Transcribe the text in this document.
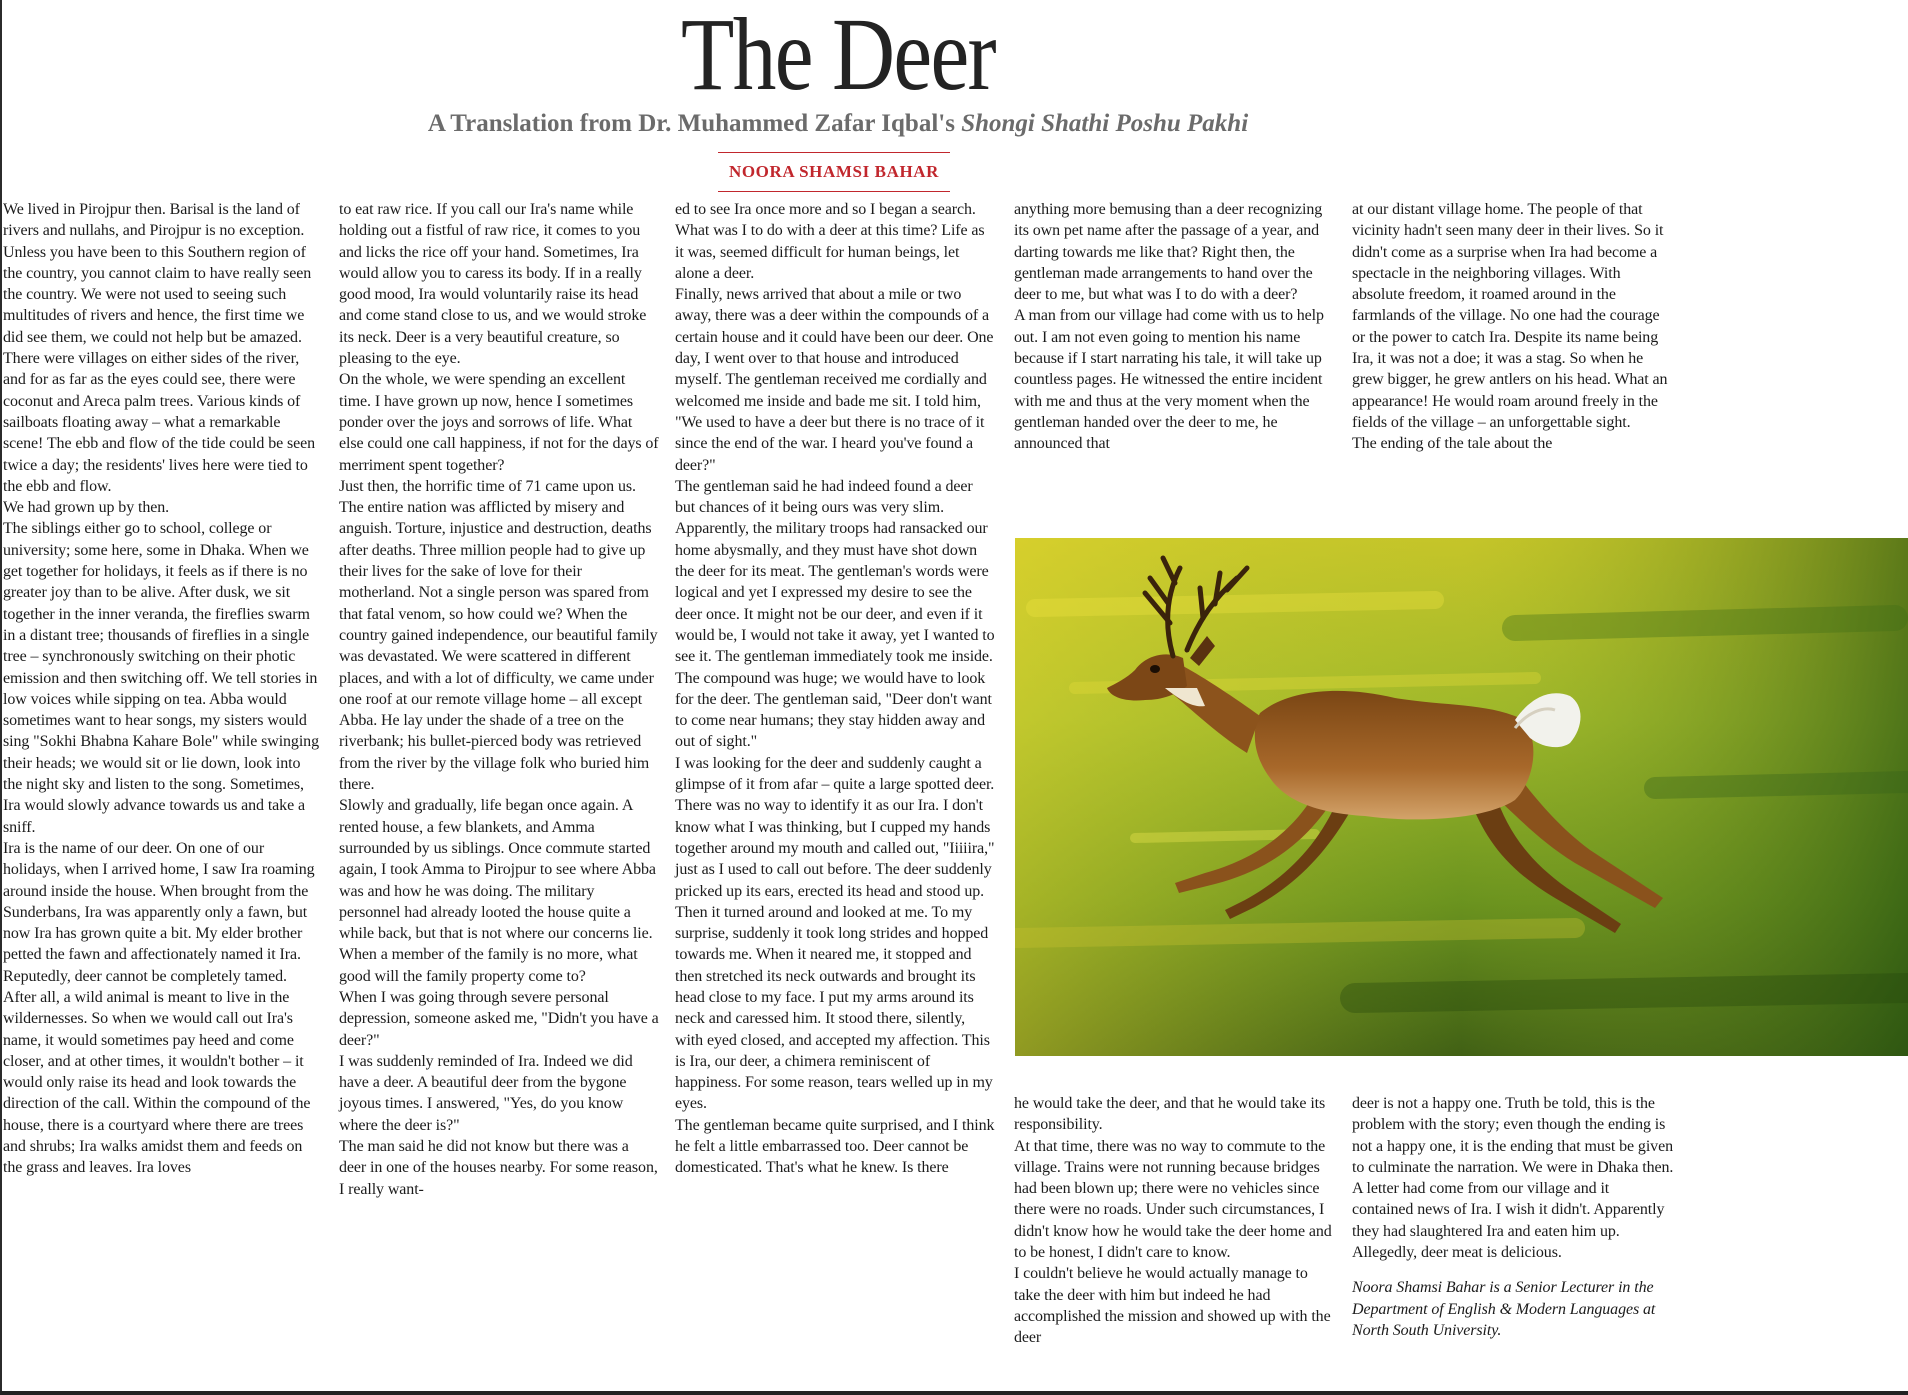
The Deer
A Translation from Dr. Muhammed Zafar Iqbal's Shongi Shathi Poshu Pakhi
NOORA SHAMSI BAHAR

We lived in Pirojpur then. Barisal is the land of rivers and nullahs, and Pirojpur is no exception. Unless you have been to this Southern region of the country, you cannot claim to have really seen the country. We were not used to seeing such multitudes of rivers and hence, the first time we did see them, we could not help but be amazed. There were villages on either sides of the river, and for as far as the eyes could see, there were coconut and Areca palm trees. Various kinds of sailboats floating away – what a remarkable scene! The ebb and flow of the tide could be seen twice a day; the residents' lives here were tied to the ebb and flow.
We had grown up by then.
The siblings either go to school, college or university; some here, some in Dhaka. When we get together for holidays, it feels as if there is no greater joy than to be alive. After dusk, we sit together in the inner veranda, the fireflies swarm in a distant tree; thousands of fireflies in a single tree – synchronously switching on their photic emission and then switching off. We tell stories in low voices while sipping on tea. Abba would sometimes want to hear songs, my sisters would sing "Sokhi Bhabna Kahare Bole" while swinging their heads; we would sit or lie down, look into the night sky and listen to the song. Sometimes, Ira would slowly advance towards us and take a sniff.
Ira is the name of our deer. On one of our holidays, when I arrived home, I saw Ira roaming around inside the house. When brought from the Sunderbans, Ira was apparently only a fawn, but now Ira has grown quite a bit. My elder brother petted the fawn and affectionately named it Ira. Reputedly, deer cannot be completely tamed. After all, a wild animal is meant to live in the wildernesses. So when we would call out Ira's name, it would sometimes pay heed and come closer, and at other times, it wouldn't bother – it would only raise its head and look towards the direction of the call. Within the compound of the house, there is a courtyard where there are trees and shrubs; Ira walks amidst them and feeds on the grass and leaves. Ira loves

to eat raw rice. If you call our Ira's name while holding out a fistful of raw rice, it comes to you and licks the rice off your hand. Sometimes, Ira would allow you to caress its body. If in a really good mood, Ira would voluntarily raise its head and come stand close to us, and we would stroke its neck. Deer is a very beautiful creature, so pleasing to the eye.
On the whole, we were spending an excellent time. I have grown up now, hence I sometimes ponder over the joys and sorrows of life. What else could one call happiness, if not for the days of merriment spent together?
Just then, the horrific time of 71 came upon us. The entire nation was afflicted by misery and anguish. Torture, injustice and destruction, deaths after deaths. Three million people had to give up their lives for the sake of love for their motherland. Not a single person was spared from that fatal venom, so how could we? When the country gained independence, our beautiful family was devastated. We were scattered in different places, and with a lot of difficulty, we came under one roof at our remote village home – all except Abba. He lay under the shade of a tree on the riverbank; his bullet-pierced body was retrieved from the river by the village folk who buried him there.
Slowly and gradually, life began once again. A rented house, a few blankets, and Amma surrounded by us siblings. Once commute started again, I took Amma to Pirojpur to see where Abba was and how he was doing. The military personnel had already looted the house quite a while back, but that is not where our concerns lie. When a member of the family is no more, what good will the family property come to?
When I was going through severe personal depression, someone asked me, "Didn't you have a deer?"
I was suddenly reminded of Ira. Indeed we did have a deer. A beautiful deer from the bygone joyous times. I answered, "Yes, do you know where the deer is?"
The man said he did not know but there was a deer in one of the houses nearby. For some reason, I really want-

ed to see Ira once more and so I began a search. What was I to do with a deer at this time? Life as it was, seemed difficult for human beings, let alone a deer.
Finally, news arrived that about a mile or two away, there was a deer within the compounds of a certain house and it could have been our deer. One day, I went over to that house and introduced myself. The gentleman received me cordially and welcomed me inside and bade me sit. I told him, "We used to have a deer but there is no trace of it since the end of the war. I heard you've found a deer?"
The gentleman said he had indeed found a deer but chances of it being ours was very slim. Apparently, the military troops had ransacked our home abysmally, and they must have shot down the deer for its meat. The gentleman's words were logical and yet I expressed my desire to see the deer once. It might not be our deer, and even if it would be, I would not take it away, yet I wanted to see it. The gentleman immediately took me inside. The compound was huge; we would have to look for the deer. The gentleman said, "Deer don't want to come near humans; they stay hidden away and out of sight."
I was looking for the deer and suddenly caught a glimpse of it from afar – quite a large spotted deer. There was no way to identify it as our Ira. I don't know what I was thinking, but I cupped my hands together around my mouth and called out, "Iiiiira," just as I used to call out before. The deer suddenly pricked up its ears, erected its head and stood up. Then it turned around and looked at me. To my surprise, suddenly it took long strides and hopped towards me. When it neared me, it stopped and then stretched its neck outwards and brought its head close to my face. I put my arms around its neck and caressed him. It stood there, silently, with eyed closed, and accepted my affection. This is Ira, our deer, a chimera reminiscent of happiness. For some reason, tears welled up in my eyes.
The gentleman became quite surprised, and I think he felt a little embarrassed too. Deer cannot be domesticated. That's what he knew. Is there

anything more bemusing than a deer recognizing its own pet name after the passage of a year, and darting towards me like that? Right then, the gentleman made arrangements to hand over the deer to me, but what was I to do with a deer?
A man from our village had come with us to help out. I am not even going to mention his name because if I start narrating his tale, it will take up countless pages. He witnessed the entire incident with me and thus at the very moment when the gentleman handed over the deer to me, he announced that

at our distant village home. The people of that vicinity hadn't seen many deer in their lives. So it didn't come as a surprise when Ira had become a spectacle in the neighboring villages. With absolute freedom, it roamed around in the farmlands of the village. No one had the courage or the power to catch Ira. Despite its name being Ira, it was not a doe; it was a stag. So when he grew bigger, he grew antlers on his head. What an appearance! He would roam around freely in the fields of the village – an unforgettable sight.
The ending of the tale about the

he would take the deer, and that he would take its responsibility.
At that time, there was no way to commute to the village. Trains were not running because bridges had been blown up; there were no vehicles since there were no roads. Under such circumstances, I didn't know how he would take the deer home and to be honest, I didn't care to know.
I couldn't believe he would actually manage to take the deer with him but indeed he had accomplished the mission and showed up with the deer

deer is not a happy one. Truth be told, this is the problem with the story; even though the ending is not a happy one, it is the ending that must be given to culminate the narration. We were in Dhaka then. A letter had come from our village and it contained news of Ira. I wish it didn't. Apparently they had slaughtered Ira and eaten him up. Allegedly, deer meat is delicious.
Noora Shamsi Bahar is a Senior Lecturer in the Department of English & Modern Languages at North South University.
